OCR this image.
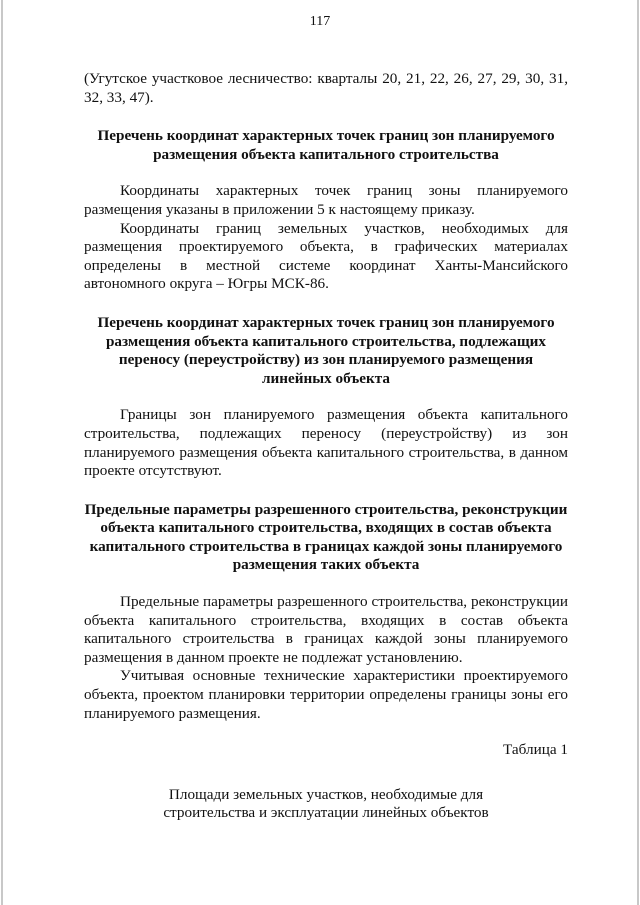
117

(Угутское участковое лесничество: кварталы 20, 21, 22, 26, 27, 29, 30, 31, 32, 33, 47).

Перечень координат характерных точек границ зон планируемого размещения объекта капитального строительства

Координаты характерных точек границ зоны планируемого размещения указаны в приложении 5 к настоящему приказу.

Координаты границ земельных участков, необходимых для размещения проектируемого объекта, в графических материалах определены в местной системе координат Ханты-Мансийского автономного округа – Югры МСК-86.

Перечень координат характерных точек границ зон планируемого размещения объекта капитального строительства, подлежащих переносу (переустройству) из зон планируемого размещения линейных объекта

Границы зон планируемого размещения объекта капитального строительства, подлежащих переносу (переустройству) из зон планируемого размещения объекта капитального строительства, в данном проекте отсутствуют.

Предельные параметры разрешенного строительства, реконструкции объекта капитального строительства, входящих в состав объекта капитального строительства в границах каждой зоны планируемого размещения таких объекта

Предельные параметры разрешенного строительства, реконструкции объекта капитального строительства, входящих в состав объекта капитального строительства в границах каждой зоны планируемого размещения в данном проекте не подлежат установлению.

Учитывая основные технические характеристики проектируемого объекта, проектом планировки территории определены границы зоны его планируемого размещения.

Таблица 1

Площади земельных участков, необходимые для
строительства и эксплуатации линейных объектов
